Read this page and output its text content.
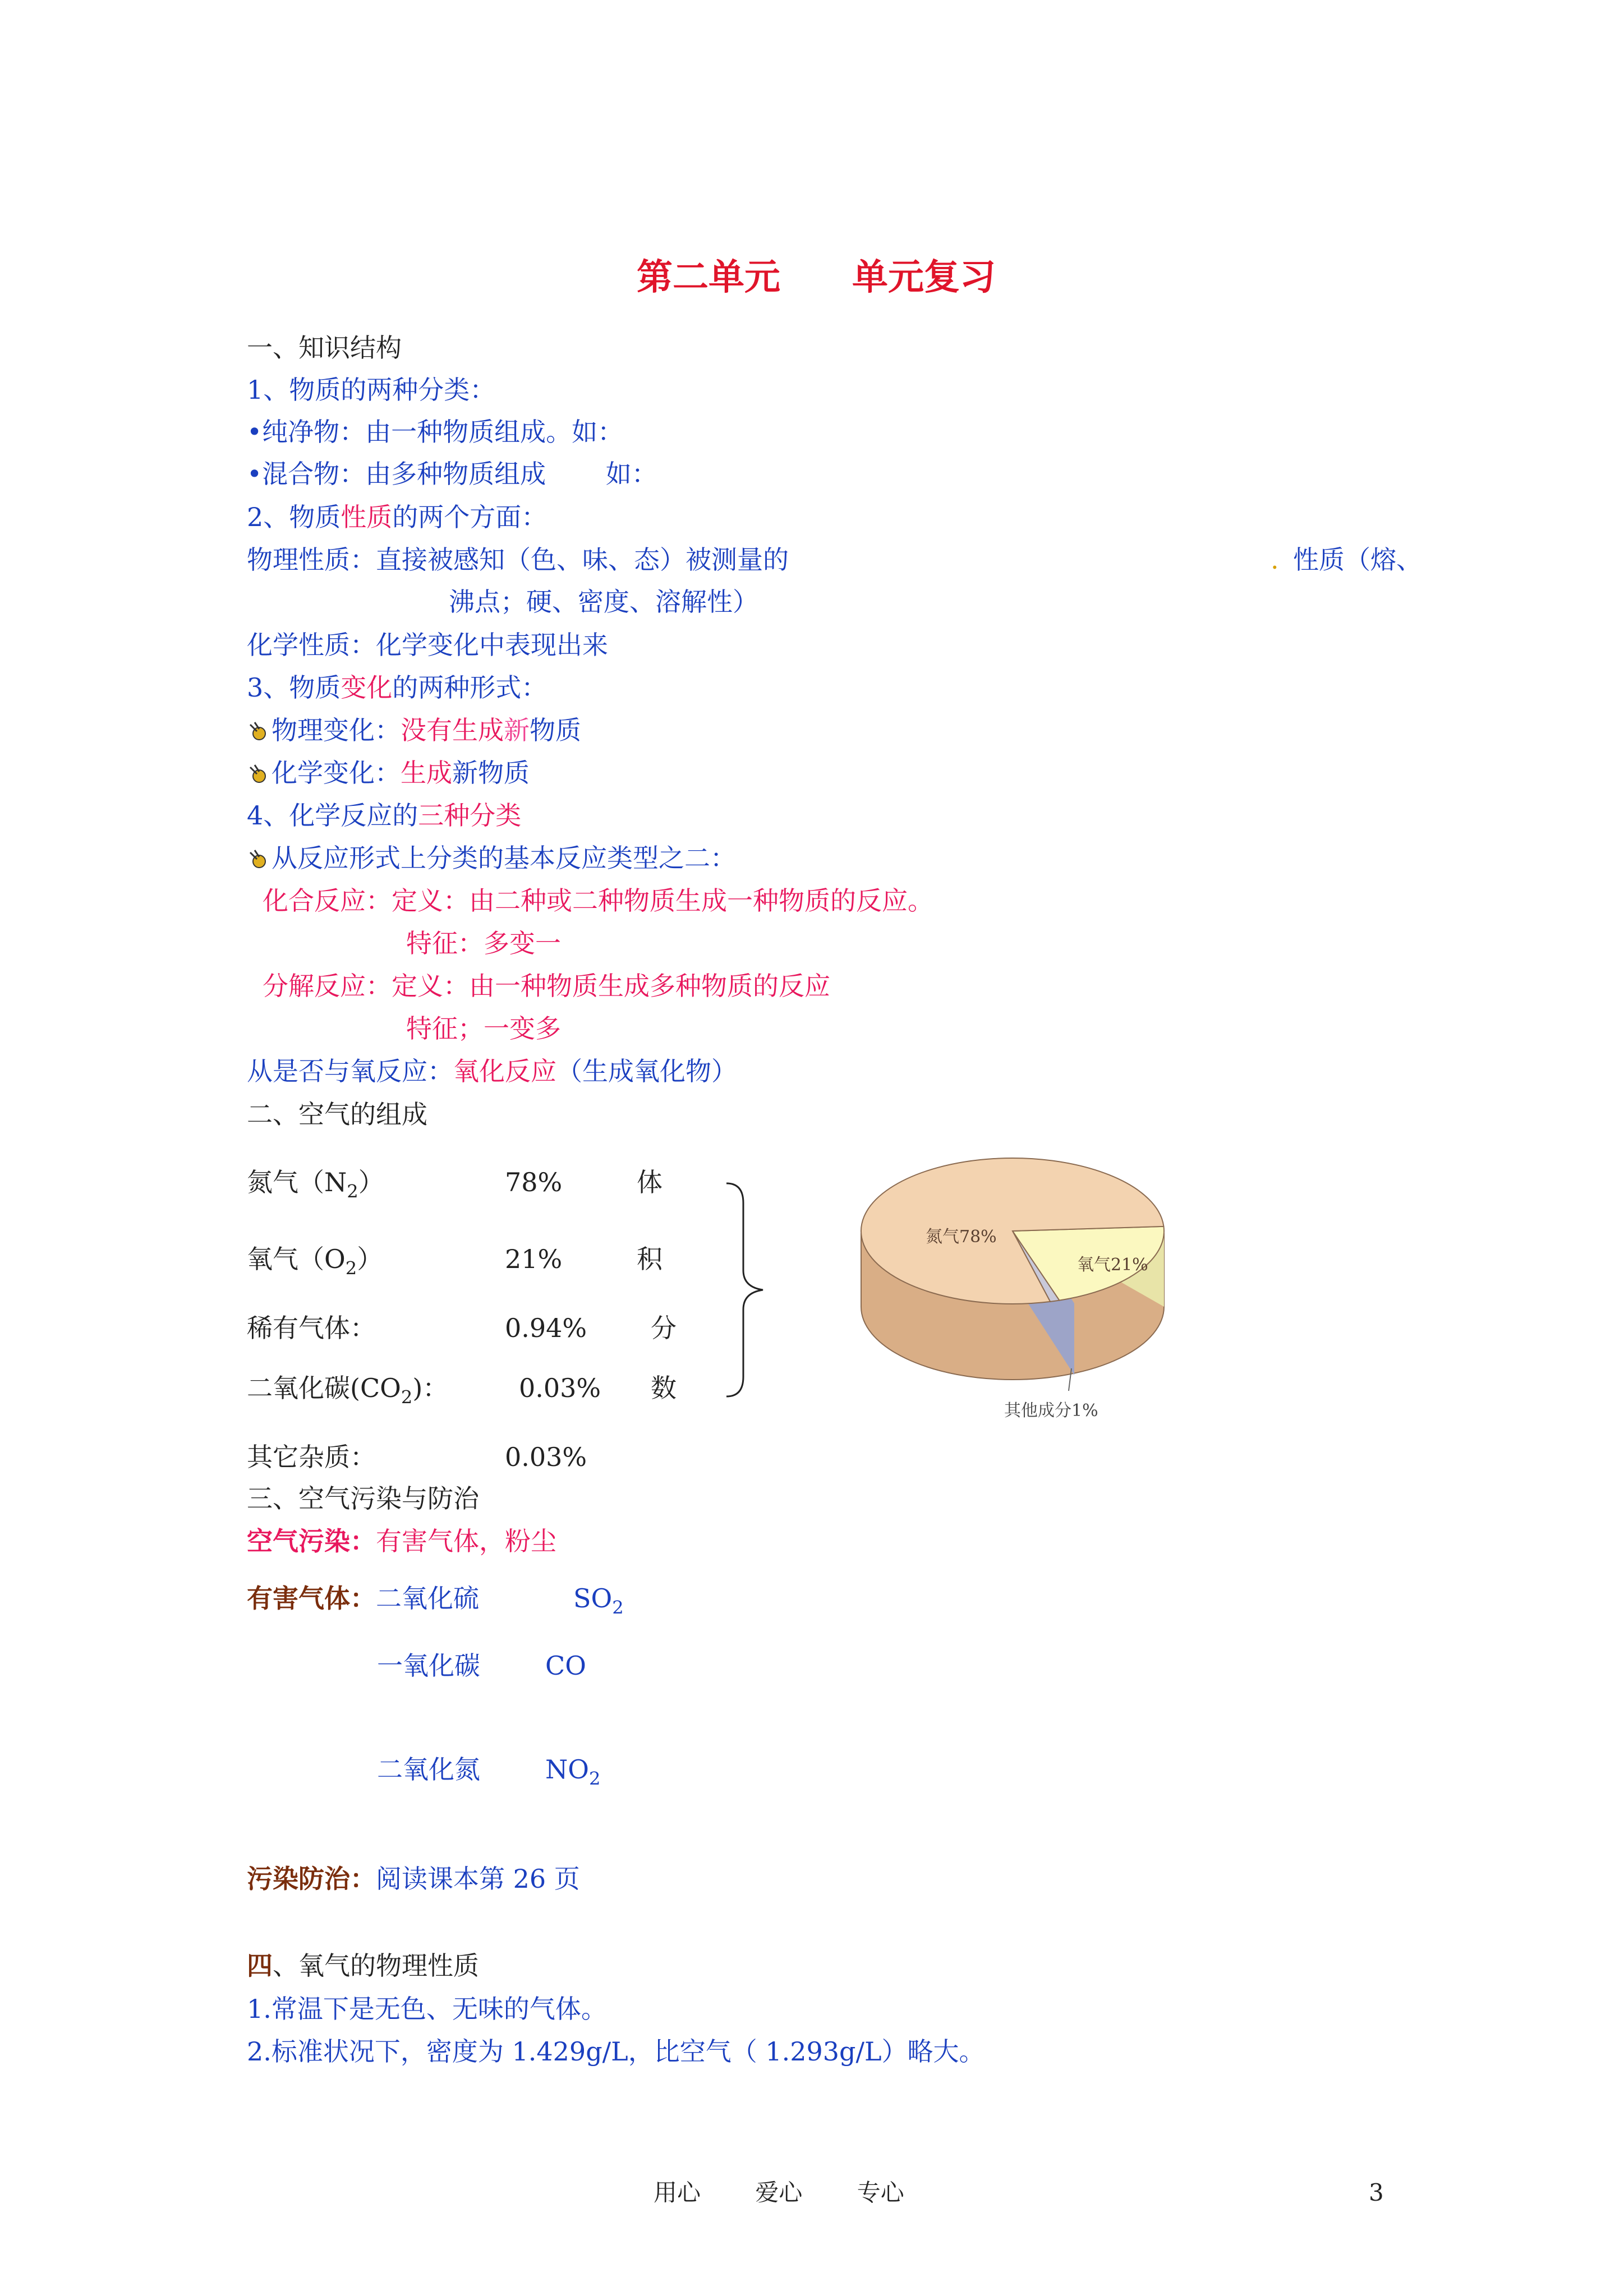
第二单元　　单元复习
一、知识结构
1、物质的两种分类：
•纯净物：由一种物质组成。如：
•混合物：由多种物质组成　　 如：
2、物质性质的两个方面：
物理性质：直接被感知（色、味、态）被测量的	. 性质（熔、
沸点；硬、密度、溶解性）
化学性质：化学变化中表现出来
3、物质变化的两种形式：
物理变化：没有生成新物质
化学变化：生成新物质
4、化学反应的三种分类
从反应形式上分类的基本反应类型之二：
化合反应：定义：由二种或二种物质生成一种物质的反应。
特征：多变一
分解反应：定义：由一种物质生成多种物质的反应
特征；一变多
从是否与氧反应：氧化反应（生成氧化物）
二、空气的组成
氮气$(N_2)$	78%	体
氧气$(O_2)$	21%	积
稀有气体：	0.94% 分
二氧化碳$(CO_2)$：	0.03% 数
其它杂质：	0.03%
氮气78%
氧气21%
其他成分1%
三、空气污染与防治
空气污染：有害气体，粉尘
有害气体：二氧化硫	$SO_2$
一氧化碳	CO
二氧化氮	$NO_2$
污染防治：阅读课本第 26 页
四、氧气的物理性质
1.常温下是无色、无味的气体。
2.标准状况下，密度为 1.429g/L，比空气（ 1.293g/L）略大。
用心　　 爱心　　 专心	3
